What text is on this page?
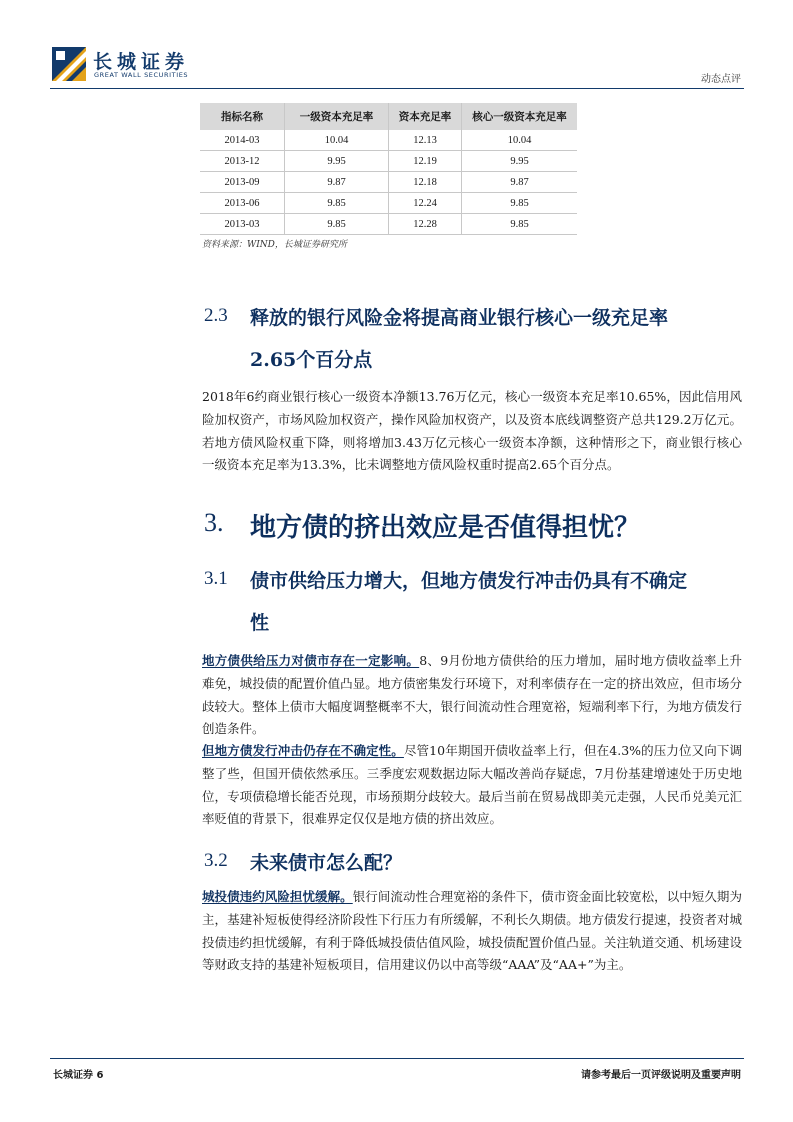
长城证券
GREAT WALL SECURITIES	动态点评
指标名称	一级资本充足率	资本充足率	核心一级资本充足率
2014-03	10.04	12.13	10.04
2013-12	9.95	12.19	9.95
2013-09	9.87	12.18	9.87
2013-06	9.85	12.24	9.85
2013-03	9.85	12.28	9.85
资料来源：WIND，长城证券研究所
2.3 释放的银行风险金将提高商业银行核心一级充足率
2.65个百分点
2018年6约商业银行核心一级资本净额13.76万亿元，核心一级资本充足率10.65%，因此信用风险加权资产，市场风险加权资产，操作风险加权资产，以及资本底线调整资产总共129.2万亿元。若地方债风险权重下降，则将增加3.43万亿元核心一级资本净额，这种情形之下，商业银行核心一级资本充足率为13.3%，比未调整地方债风险权重时提高2.65个百分点。
3. 地方债的挤出效应是否值得担忧？
3.1 债市供给压力增大，但地方债发行冲击仍具有不确定
性
地方债供给压力对债市存在一定影响。8、9月份地方债供给的压力增加，届时地方债收益率上升难免，城投债的配置价值凸显。地方债密集发行环境下，对利率债存在一定的挤出效应，但市场分歧较大。整体上债市大幅度调整概率不大，银行间流动性合理宽裕，短端利率下行，为地方债发行创造条件。
但地方债发行冲击仍存在不确定性。尽管10年期国开债收益率上行，但在4.3%的压力位又向下调整了些，但国开债依然承压。三季度宏观数据边际大幅改善尚存疑虑，7月份基建增速处于历史地位，专项债稳增长能否兑现，市场预期分歧较大。最后当前在贸易战即美元走强，人民币兑美元汇率贬值的背景下，很难界定仅仅是地方债的挤出效应。
3.2 未来债市怎么配？
城投债违约风险担忧缓解。银行间流动性合理宽裕的条件下，债市资金面比较宽松，以中短久期为主，基建补短板使得经济阶段性下行压力有所缓解，不利长久期债。地方债发行提速，投资者对城投债违约担忧缓解，有利于降低城投债估值风险，城投债配置价值凸显。关注轨道交通、机场建设等财政支持的基建补短板项目，信用建议仍以中高等级“AAA”及“AA+”为主。
长城证券 6	请参考最后一页评级说明及重要声明
